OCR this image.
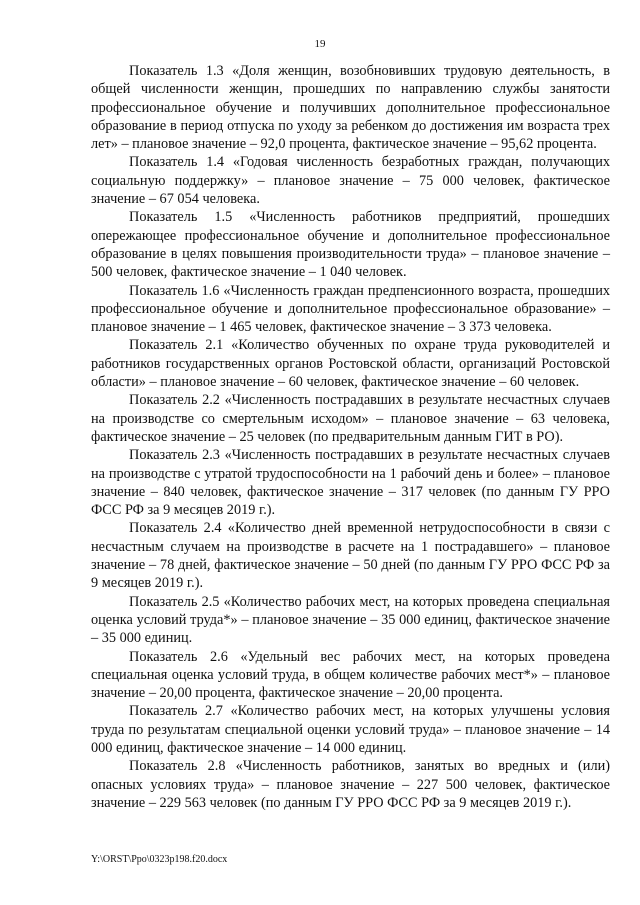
19

Показатель 1.3 «Доля женщин, возобновивших трудовую деятельность, в общей численности женщин, прошедших по направлению службы занятости профессиональное обучение и получивших дополнительное профессиональное образование в период отпуска по уходу за ребенком до достижения им возраста трех лет» – плановое значение – 92,0 процента, фактическое значение – 95,62 процента.

Показатель 1.4 «Годовая численность безработных граждан, получающих социальную поддержку» – плановое значение – 75 000 человек, фактическое значение – 67 054 человека.

Показатель 1.5 «Численность работников предприятий, прошедших опережающее профессиональное обучение и дополнительное профессиональное образование в целях повышения производительности труда» – плановое значение – 500 человек, фактическое значение – 1 040 человек.

Показатель 1.6 «Численность граждан предпенсионного возраста, прошедших профессиональное обучение и дополнительное профессиональное образование» – плановое значение – 1 465 человек, фактическое значение – 3 373 человека.

Показатель 2.1 «Количество обученных по охране труда руководителей и работников государственных органов Ростовской области, организаций Ростовской области» – плановое значение – 60 человек, фактическое значение – 60 человек.

Показатель 2.2 «Численность пострадавших в результате несчастных случаев на производстве со смертельным исходом» – плановое значение – 63 человека, фактическое значение – 25 человек (по предварительным данным ГИТ в РО).

Показатель 2.3 «Численность пострадавших в результате несчастных случаев на производстве с утратой трудоспособности на 1 рабочий день и более» – плановое значение – 840 человек, фактическое значение – 317 человек (по данным ГУ РРО ФСС РФ за 9 месяцев 2019 г.).

Показатель 2.4 «Количество дней временной нетрудоспособности в связи с несчастным случаем на производстве в расчете на 1 пострадавшего» – плановое значение – 78 дней, фактическое значение – 50 дней (по данным ГУ РРО ФСС РФ за 9 месяцев 2019 г.).

Показатель 2.5 «Количество рабочих мест, на которых проведена специальная оценка условий труда*» – плановое значение – 35 000 единиц, фактическое значение – 35 000 единиц.

Показатель 2.6 «Удельный вес рабочих мест, на которых проведена специальная оценка условий труда, в общем количестве рабочих мест*» – плановое значение – 20,00 процента, фактическое значение – 20,00 процента.

Показатель 2.7 «Количество рабочих мест, на которых улучшены условия труда по результатам специальной оценки условий труда» – плановое значение – 14 000 единиц, фактическое значение – 14 000 единиц.

Показатель 2.8 «Численность работников, занятых во вредных и (или) опасных условиях труда» – плановое значение – 227 500 человек, фактическое значение – 229 563 человек (по данным ГУ РРО ФСС РФ за 9 месяцев 2019 г.).

Y:\ORST\Ppo\0323p198.f20.docx
